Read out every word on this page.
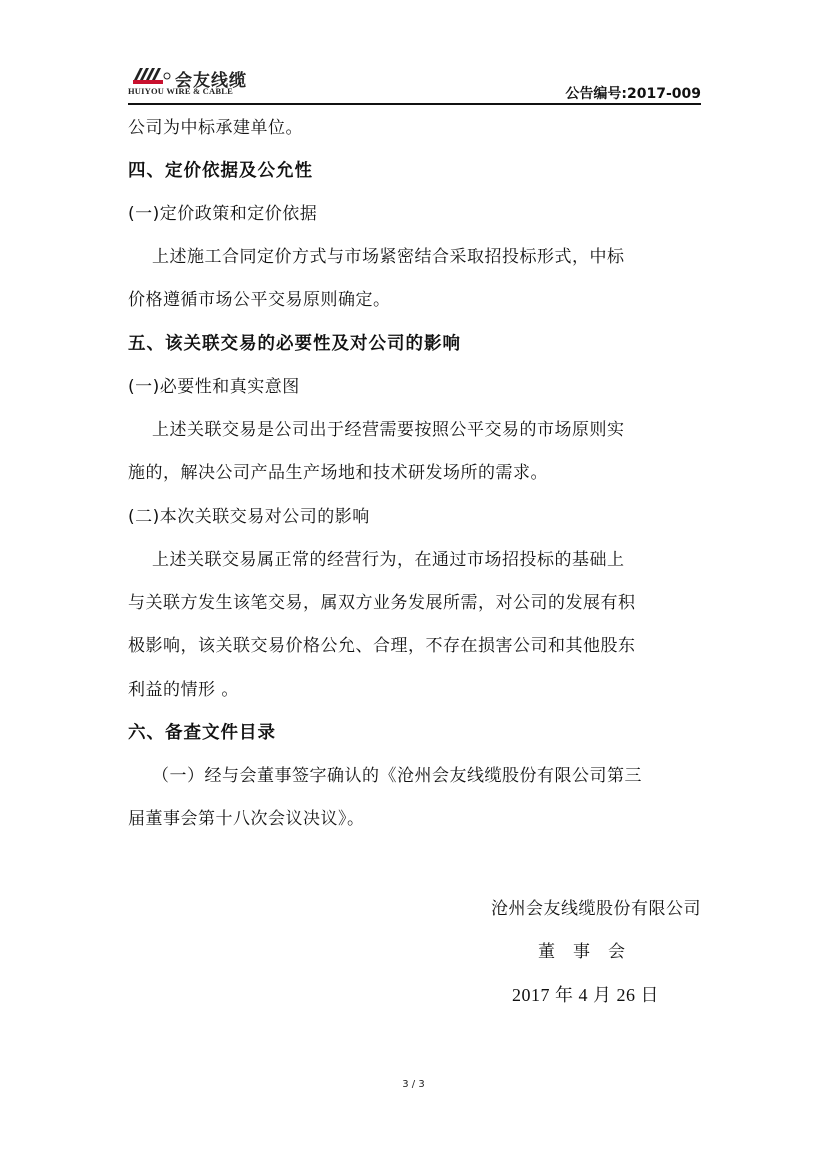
会友线缆
HUIYOU WIRE & CABLE	公告编号:2017-009
公司为中标承建单位。
四、定价依据及公允性
(一)定价政策和定价依据
上述施工合同定价方式与市场紧密结合采取招投标形式，中标
价格遵循市场公平交易原则确定。
五、该关联交易的必要性及对公司的影响
(一)必要性和真实意图
上述关联交易是公司出于经营需要按照公平交易的市场原则实
施的，解决公司产品生产场地和技术研发场所的需求。
(二)本次关联交易对公司的影响
上述关联交易属正常的经营行为，在通过市场招投标的基础上
与关联方发生该笔交易，属双方业务发展所需，对公司的发展有积
极影响，该关联交易价格公允、合理，不存在损害公司和其他股东
利益的情形 。
六、备查文件目录
（一）经与会董事签字确认的《沧州会友线缆股份有限公司第三
届董事会第十八次会议决议》。
沧州会友线缆股份有限公司
董　事　会
2017 年 4 月 26 日
3 / 3
